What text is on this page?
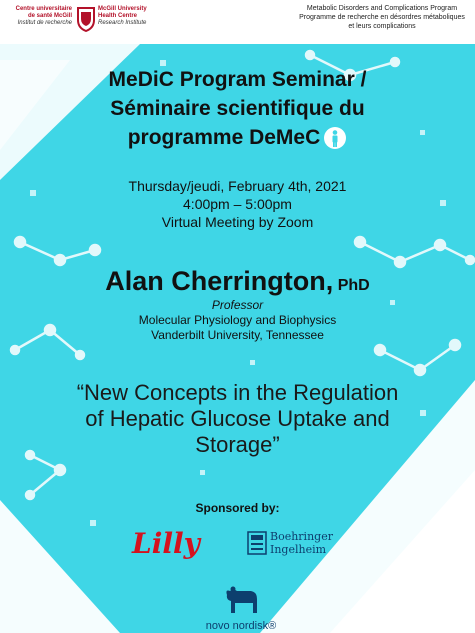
Centre universitaire
de santé McGill
Institut de recherche
McGill University
Health Centre
Research Institute
Metabolic Disorders and Complications Program
Programme de recherche en désordres métaboliques
et leurs complications
MeDiC Program Seminar /
Séminaire scientifique du
programme DeMeC
Thursday/jeudi, February 4th, 2021
4:00pm – 5:00pm
Virtual Meeting by Zoom
Alan Cherrington, PhD
Professor
Molecular Physiology and Biophysics
Vanderbilt University, Tennessee
“New Concepts in the Regulation
of Hepatic Glucose Uptake and
Storage”
Sponsored by:
Lilly	Boehringer
Ingelheim
novo nordisk®
